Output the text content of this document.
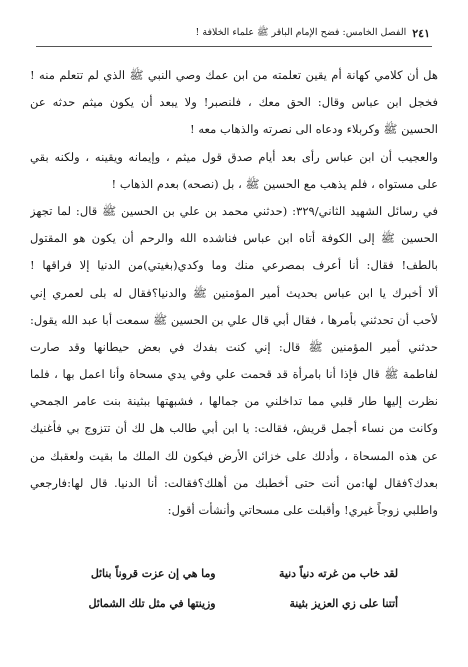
٢٤١
الفصل الخامس: فضح الإمام الباقر ﷺ علماء الخلافة !
هل أن كلامي كهانة أم يقين تعلمته من ابن عمك وصي النبي ﷺ الذي لم تتعلم منه !
فخجل ابن عباس وقال: الحق معك ، فلنصبر! ولا يبعد أن يكون ميثم حدثه عن
الحسين ﷺ وكربلاء ودعاه الى نصرته والذهاب معه !
والعجيب أن ابن عباس رأى بعد أيام صدق قول ميثم ، وإيمانه ويقينه ، ولكنه بقي
على مستواه ، فلم يذهب مع الحسين ﷺ ، بل (نصحه) بعدم الذهاب !
في رسائل الشهيد الثاني/٣٢٩: (حدثني محمد بن علي بن الحسين ﷺ قال: لما تجهز
الحسين ﷺ إلى الكوفة أتاه ابن عباس فناشده الله والرحم أن يكون هو المقتول
بالطف! فقال: أنا أعرف بمصرعي منك وما وكدي(بغيتي)من الدنيا إلا فراقها !
ألا أخبرك يا ابن عباس بحديث أمير المؤمنين ﷺ والدنيا؟فقال له بلى لعمري إني
لأحب أن تحدثني بأمرها ، فقال أبي قال علي بن الحسين ﷺ سمعت أبا عبد الله يقول:
حدثني أمير المؤمنين ﷺ قال: إني كنت بفدك في بعض حيطانها وقد صارت
لفاطمة ﷺ قال فإذا أنا بامرأة قد قحمت علي وفي يدي مسحاة وأنا اعمل بها ، فلما
نظرت إليها طار قلبي مما تداخلني من جمالها ، فشبهتها ببثينة بنت عامر الجمحي
وكانت من نساء أجمل قريش، فقالت: يا ابن أبي طالب هل لك أن تتزوج بي فأغنيك
عن هذه المسحاة ، وأدلك على خزائن الأرض فيكون لك الملك ما بقيت ولعقبك من
بعدك؟فقال لها:من أنت حتى أخطبك من أهلك؟فقالت: أنا الدنيا. قال لها:فارجعي
واطلبي زوجاً غيري! وأقبلت على مسحاتي وأنشأت أقول:
لقد خاب من غرته دنياً دنية
وما هي إن عزت قروناً بنائل
أتتنا على زي العزيز بثينة
وزينتها في مثل تلك الشمائل
